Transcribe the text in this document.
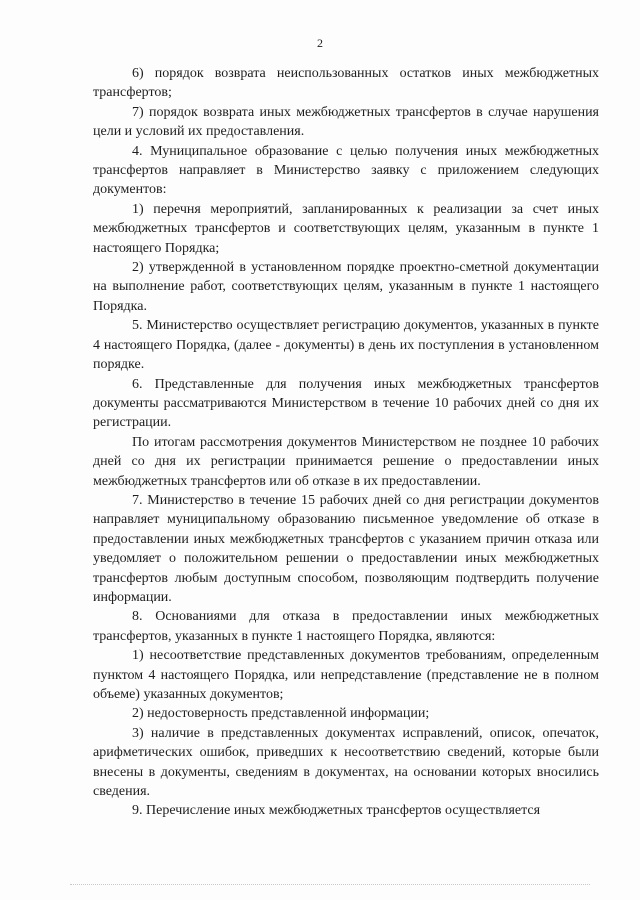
2

6) порядок возврата неиспользованных остатков иных межбюджетных трансфертов;

7) порядок возврата иных межбюджетных трансфертов в случае нарушения цели и условий их предоставления.

4. Муниципальное образование с целью получения иных межбюджетных трансфертов направляет в Министерство заявку с приложением следующих документов:

1) перечня мероприятий, запланированных к реализации за счет иных межбюджетных трансфертов и соответствующих целям, указанным в пункте 1 настоящего Порядка;

2) утвержденной в установленном порядке проектно-сметной документации на выполнение работ, соответствующих целям, указанным в пункте 1 настоящего Порядка.

5. Министерство осуществляет регистрацию документов, указанных в пункте 4 настоящего Порядка, (далее - документы) в день их поступления в установленном порядке.

6. Представленные для получения иных межбюджетных трансфертов документы рассматриваются Министерством в течение 10 рабочих дней со дня их регистрации.

По итогам рассмотрения документов Министерством не позднее 10 рабочих дней со дня их регистрации принимается решение о предоставлении иных межбюджетных трансфертов или об отказе в их предоставлении.

7. Министерство в течение 15 рабочих дней со дня регистрации документов направляет муниципальному образованию письменное уведомление об отказе в предоставлении иных межбюджетных трансфертов с указанием причин отказа или уведомляет о положительном решении о предоставлении иных межбюджетных трансфертов любым доступным способом, позволяющим подтвердить получение информации.

8. Основаниями для отказа в предоставлении иных межбюджетных трансфертов, указанных в пункте 1 настоящего Порядка, являются:

1) несоответствие представленных документов требованиям, определенным пунктом 4 настоящего Порядка, или непредставление (представление не в полном объеме) указанных документов;

2) недостоверность представленной информации;

3) наличие в представленных документах исправлений, описок, опечаток, арифметических ошибок, приведших к несоответствию сведений, которые были внесены в документы, сведениям в документах, на основании которых вносились сведения.

9. Перечисление иных межбюджетных трансфертов осуществляется
